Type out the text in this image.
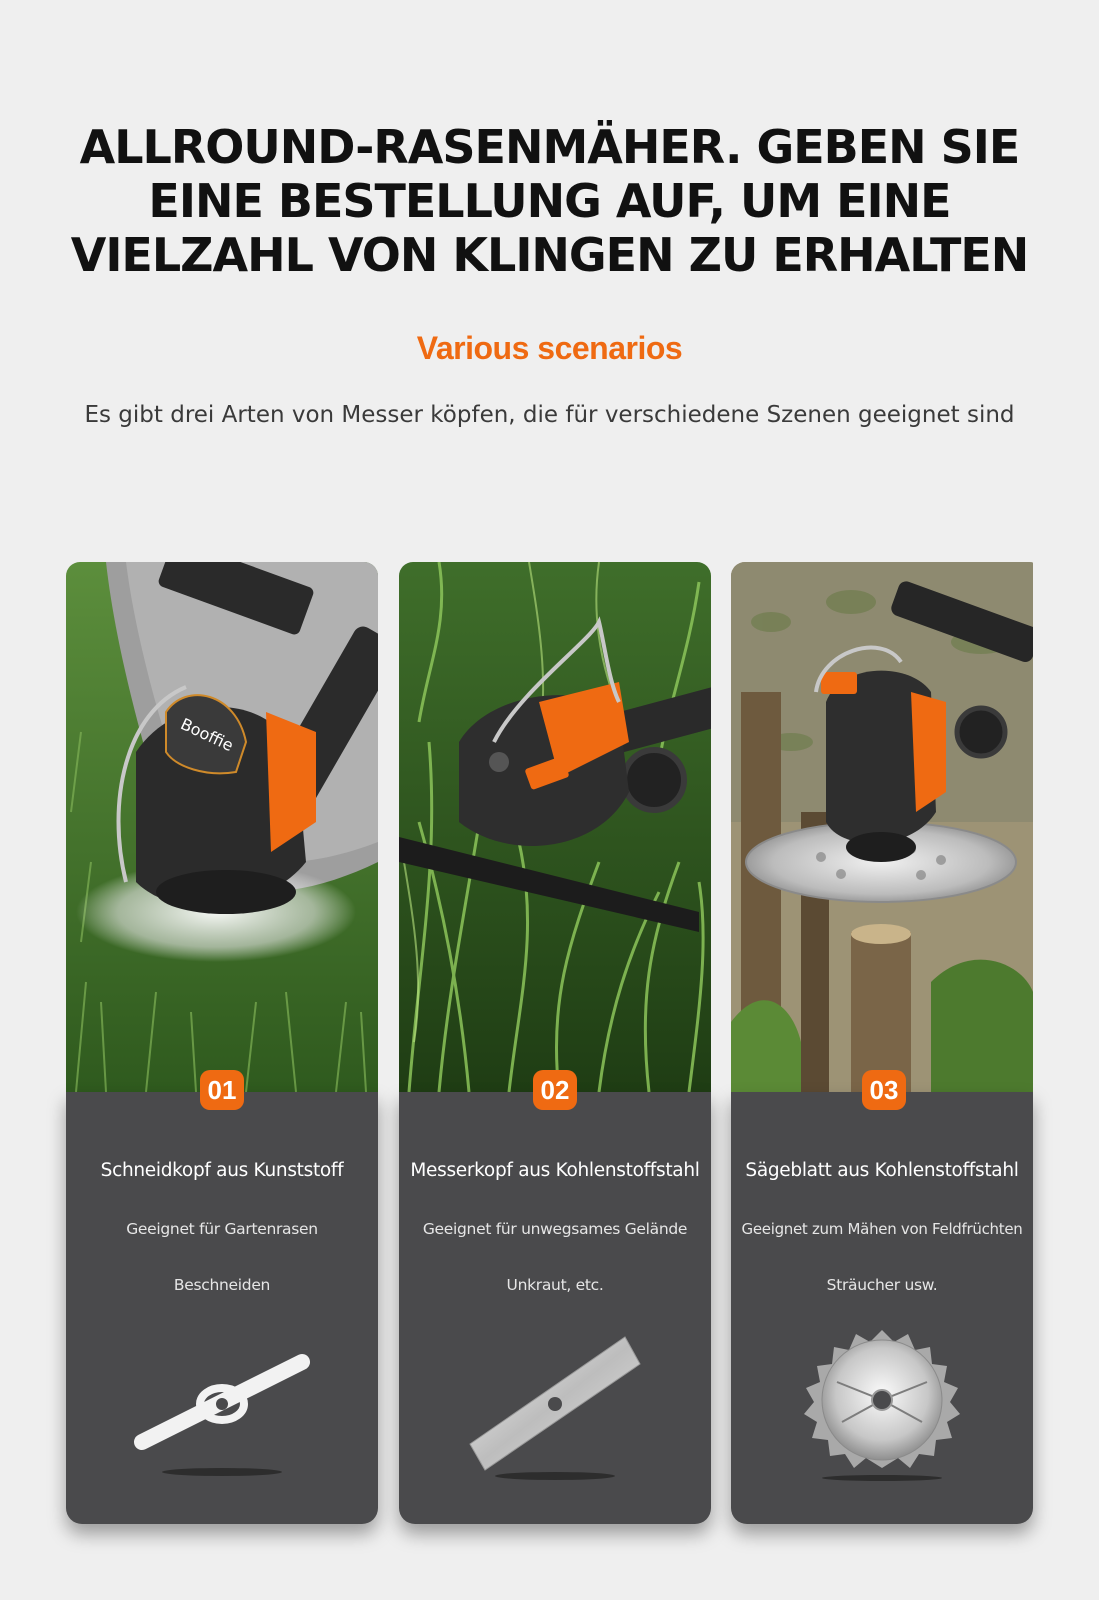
ALLROUND-RASENMÄHER. GEBEN SIE
EINE BESTELLUNG AUF, UM EINE
VIELZAHL VON KLINGEN ZU ERHALTEN
Various scenarios
Es gibt drei Arten von Messer köpfen, die für verschiedene Szenen geeignet sind
Booffie
Schneidkopf aus Kunststoff
Geeignet für Gartenrasen
Beschneiden
01
Messerkopf aus Kohlenstoffstahl
Geeignet für unwegsames Gelände
Unkraut, etc.
02
Sägeblatt aus Kohlenstoffstahl
Geeignet zum Mähen von Feldfrüchten
Sträucher usw.
03
